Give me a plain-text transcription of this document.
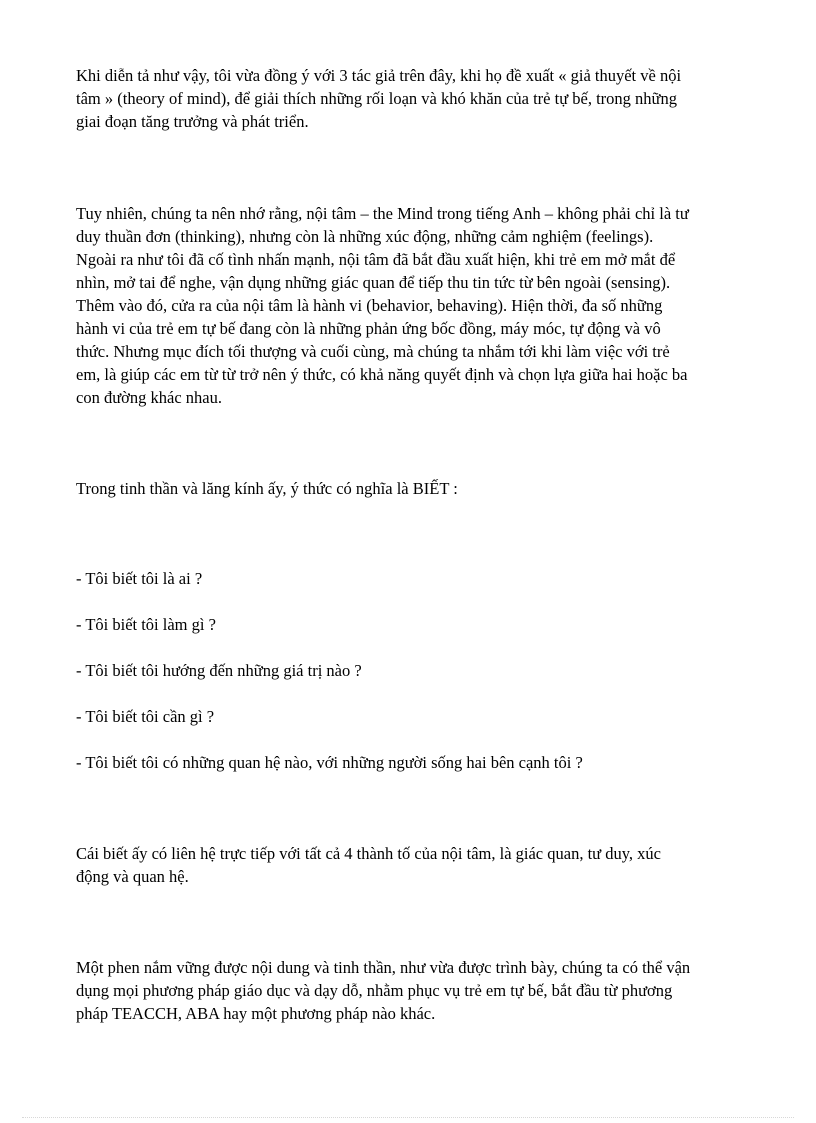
Khi diễn tả như vậy, tôi vừa đồng ý với 3 tác giả trên đây, khi họ đề xuất « giả thuyết về nội
tâm » (theory of mind), để giải thích những rối loạn và khó khăn của trẻ tự bế, trong những
giai đoạn tăng trưởng và phát triển.

Tuy nhiên, chúng ta nên nhớ rằng, nội tâm – the Mind trong tiếng Anh – không phải chỉ là tư
duy thuần đơn (thinking), nhưng còn là những xúc động, những cảm nghiệm (feelings).
Ngoài ra như tôi đã cố tình nhấn mạnh, nội tâm đã bắt đầu xuất hiện, khi trẻ em mở mắt để
nhìn, mở tai để nghe, vận dụng những giác quan để tiếp thu tin tức từ bên ngoài (sensing).
Thêm vào đó, cửa ra của nội tâm là hành vi (behavior, behaving). Hiện thời, đa số những
hành vi của trẻ em tự bế đang còn là những phản ứng bốc đồng, máy móc, tự động và vô
thức. Nhưng mục đích tối thượng và cuối cùng, mà chúng ta nhắm tới khi làm việc với trẻ
em, là giúp các em từ từ trở nên ý thức, có khả năng quyết định và chọn lựa giữa hai hoặc ba
con đường khác nhau.

Trong tinh thần và lăng kính ấy, ý thức có nghĩa là BIẾT :

- Tôi biết tôi là ai ?

- Tôi biết tôi làm gì ?

- Tôi biết tôi hướng đến những giá trị nào ?

- Tôi biết tôi cần gì ?

- Tôi biết tôi có những quan hệ nào, với những người sống hai bên cạnh tôi ?

Cái biết ấy có liên hệ trực tiếp với tất cả 4 thành tố của nội tâm, là giác quan, tư duy, xúc
động và quan hệ.

Một phen nắm vững được nội dung và tinh thần, như vừa được trình bày, chúng ta có thể vận
dụng mọi phương pháp giáo dục và dạy dỗ, nhằm phục vụ trẻ em tự bế, bắt đầu từ phương
pháp TEACCH, ABA hay một phương pháp nào khác.
